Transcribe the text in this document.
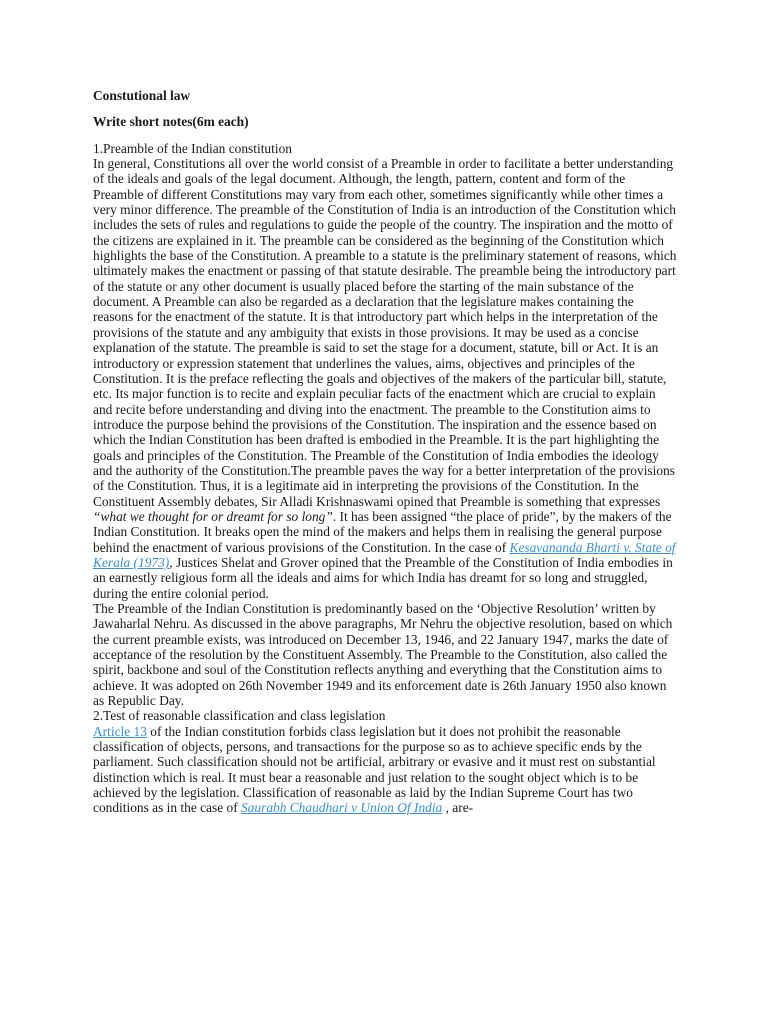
Constutional law

Write short notes(6m each)

1.Preamble of the Indian constitution

In general, Constitutions all over the world consist of a Preamble in order to facilitate a better understanding of the ideals and goals of the legal document. Although, the length, pattern, content and form of the Preamble of different Constitutions may vary from each other, sometimes significantly while other times a very minor difference. The preamble of the Constitution of India is an introduction of the Constitution which includes the sets of rules and regulations to guide the people of the country. The inspiration and the motto of the citizens are explained in it. The preamble can be considered as the beginning of the Constitution which highlights the base of the Constitution. A preamble to a statute is the preliminary statement of reasons, which ultimately makes the enactment or passing of that statute desirable. The preamble being the introductory part of the statute or any other document is usually placed before the starting of the main substance of the document. A Preamble can also be regarded as a declaration that the legislature makes containing the reasons for the enactment of the statute. It is that introductory part which helps in the interpretation of the provisions of the statute and any ambiguity that exists in those provisions. It may be used as a concise explanation of the statute. The preamble is said to set the stage for a document, statute, bill or Act. It is an introductory or expression statement that underlines the values, aims, objectives and principles of the Constitution. It is the preface reflecting the goals and objectives of the makers of the particular bill, statute, etc. Its major function is to recite and explain peculiar facts of the enactment which are crucial to explain and recite before understanding and diving into the enactment. The preamble to the Constitution aims to introduce the purpose behind the provisions of the Constitution. The inspiration and the essence based on which the Indian Constitution has been drafted is embodied in the Preamble. It is the part highlighting the goals and principles of the Constitution. The Preamble of the Constitution of India embodies the ideology and the authority of the Constitution.The preamble paves the way for a better interpretation of the provisions of the Constitution. Thus, it is a legitimate aid in interpreting the provisions of the Constitution. In the Constituent Assembly debates, Sir Alladi Krishnaswami opined that Preamble is something that expresses “what we thought for or dreamt for so long”. It has been assigned “the place of pride”, by the makers of the Indian Constitution. It breaks open the mind of the makers and helps them in realising the general purpose behind the enactment of various provisions of the Constitution. In the case of Kesavananda Bharti v. State of Kerala (1973), Justices Shelat and Grover opined that the Preamble of the Constitution of India embodies in an earnestly religious form all the ideals and aims for which India has dreamt for so long and struggled, during the entire colonial period.

The Preamble of the Indian Constitution is predominantly based on the ‘Objective Resolution’ written by Jawaharlal Nehru. As discussed in the above paragraphs, Mr Nehru the objective resolution, based on which the current preamble exists, was introduced on December 13, 1946, and 22 January 1947, marks the date of acceptance of the resolution by the Constituent Assembly. The Preamble to the Constitution, also called the spirit, backbone and soul of the Constitution reflects anything and everything that the Constitution aims to achieve. It was adopted on 26th November 1949 and its enforcement date is 26th January 1950 also known as Republic Day.

2.Test of reasonable classification and class legislation

Article 13 of the Indian constitution forbids class legislation but it does not prohibit the reasonable classification of objects, persons, and transactions for the purpose so as to achieve specific ends by the parliament. Such classification should not be artificial, arbitrary or evasive and it must rest on substantial distinction which is real. It must bear a reasonable and just relation to the sought object which is to be achieved by the legislation. Classification of reasonable as laid by the Indian Supreme Court has two conditions as in the case of Saurabh Chaudhari v Union Of India , are-
